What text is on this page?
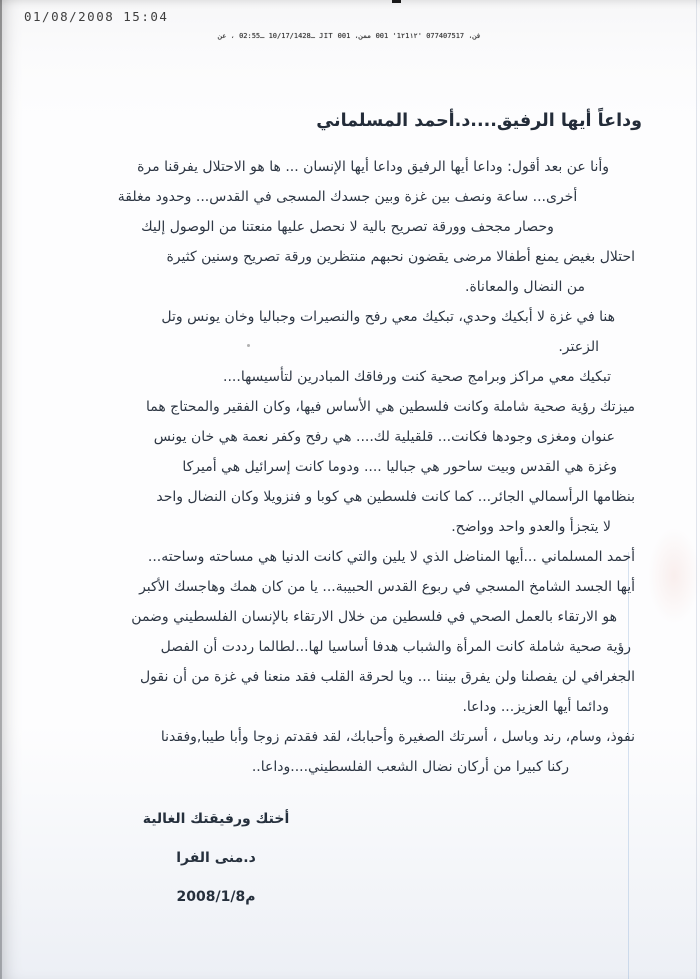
01/08/2008 15:04
ـ10/17/1428 ـ02:55 ، عن JIT فن، 077407517 '1٢1١٢' 001 ممن، 001
وداعاً أيها الرفيق....د.أحمد المسلماني
وأنا عن بعد أقول: وداعا أيها الرفيق وداعا أيها الإنسان ... ها هو الاحتلال يفرقنا مرة
أخرى... ساعة ونصف بين غزة وبين جسدك المسجى في القدس... وحدود مغلقة
وحصار مجحف وورقة تصريح بالية لا نحصل عليها منعتنا من الوصول إليك
احتلال بغيض يمنع أطفالا مرضى يقضون نحبهم منتظرين ورقة تصريح وسنين كثيرة
من النضال والمعاناة.
هنا في غزة لا أبكيك وحدي، تبكيك معي رفح والنصيرات وجباليا وخان يونس وتل
الزعتر.
تبكيك معي مراكز وبرامج صحية كنت ورفاقك المبادرين لتأسيسها....
ميزتك رؤية صحية شاملة وكانت فلسطين هي الأساس فيها، وكان الفقير والمحتاج هما
عنوان ومغزى وجودها فكانت... قلقيلية لك.... هي رفح وكفر نعمة هي خان يونس
وغزة هي القدس وبيت ساحور هي جباليا .... ودوما كانت إسرائيل هي أميركا
بنظامها الرأسمالي الجائر... كما كانت فلسطين هي كوبا و فنزويلا وكان النضال واحد
لا يتجزأ والعدو واحد وواضح.
أحمد المسلماني ...أيها المناضل الذي لا يلين والتي كانت الدنيا هي مساحته وساحته...
أيها الجسد الشامخ المسجي في ربوع القدس الحبيبة... يا من كان همك وهاجسك الأكبر
هو الارتقاء بالعمل الصحي في فلسطين من خلال الارتقاء بالإنسان الفلسطيني وضمن
رؤية صحية شاملة كانت المرأة والشباب هدفا أساسيا لها...لطالما رددت أن الفصل
الجغرافي لن يفصلنا ولن يفرق بيننا ... ويا لحرقة القلب فقد منعنا في غزة من أن نقول
ودائما أيها العزيز... وداعا.
نفوذ، وسام، رند وباسل ، أسرتك الصغيرة وأحبابك، لقد فقدتم زوجا وأبا طيبا,وفقدنا
ركنا كبيرا من أركان نضال الشعب الفلسطيني....وداعا..
أختك ورفيقتك الغالية
د.منى الفرا
2008/1/8م
